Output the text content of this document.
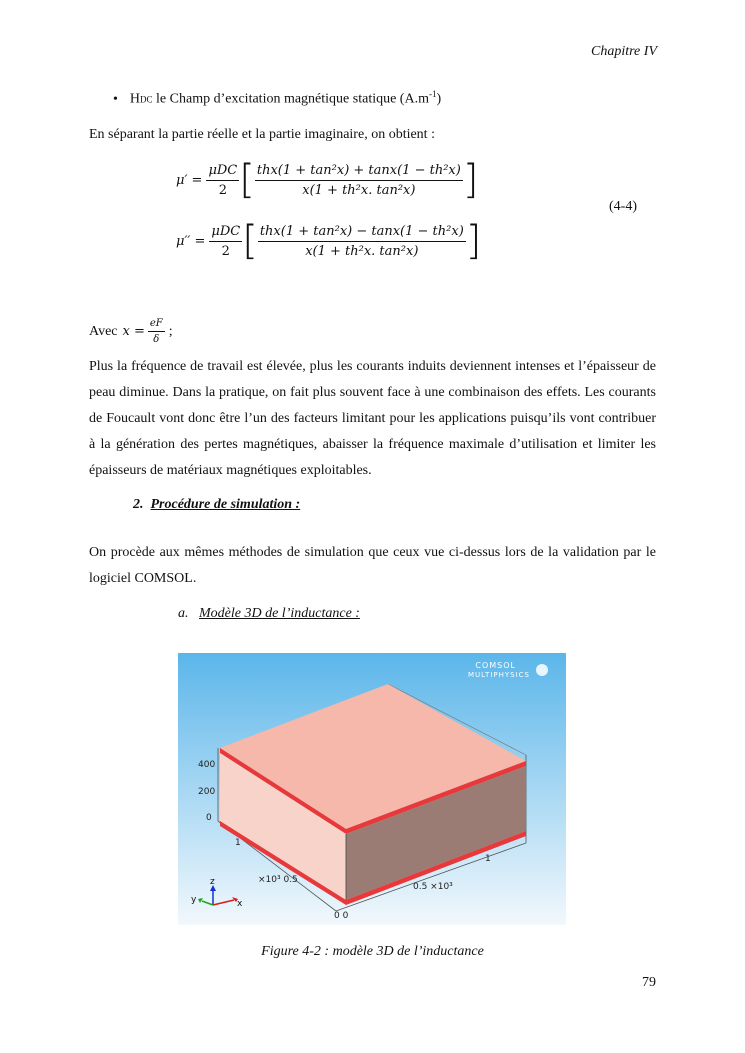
Chapitre IV
• HDC le Champ d’excitation magnétique statique $(A.m^{-1})$
En séparant la partie réelle et la partie imaginaire, on obtient :
$\mu' = \frac{\text{μDC}}{2}$ [ $\frac{\text{thx(1 + tan²x) + tanx(1 − th²x)}}{\text{x(1 + th²x. tan²x)}}$ ]
(4-4)
$\mu'' = \frac{\text{μDC}}{2}$ [ $\frac{\text{thx(1 + tan²x) − tanx(1 − th²x)}}{\text{x(1 + th²x. tan²x)}}$ ]
Avec $x = \frac{eF}{\delta}$ ;
Plus la fréquence de travail est élevée, plus les courants induits deviennent intenses et l’épaisseur de peau diminue. Dans la pratique, on fait plus souvent face à une combinaison des effets. Les courants de Foucault vont donc être l’un des facteurs limitant pour les applications puisqu’ils vont contribuer à la génération des pertes magnétiques, abaisser la fréquence maximale d’utilisation et limiter les épaisseurs de matériaux magnétiques exploitables.
2. Procédure de simulation :
On procède aux mêmes méthodes de simulation que ceux vue ci-dessus lors de la validation par le logiciel COMSOL.
a. Modèle 3D de l’inductance :
COMSOL
MULTIPHYSICS
400
200
0
1
×10³ 0.5
1
0.5 ×10³
0 0
z
y	x
Figure 4-2 : modèle 3D de l’inductance
79
